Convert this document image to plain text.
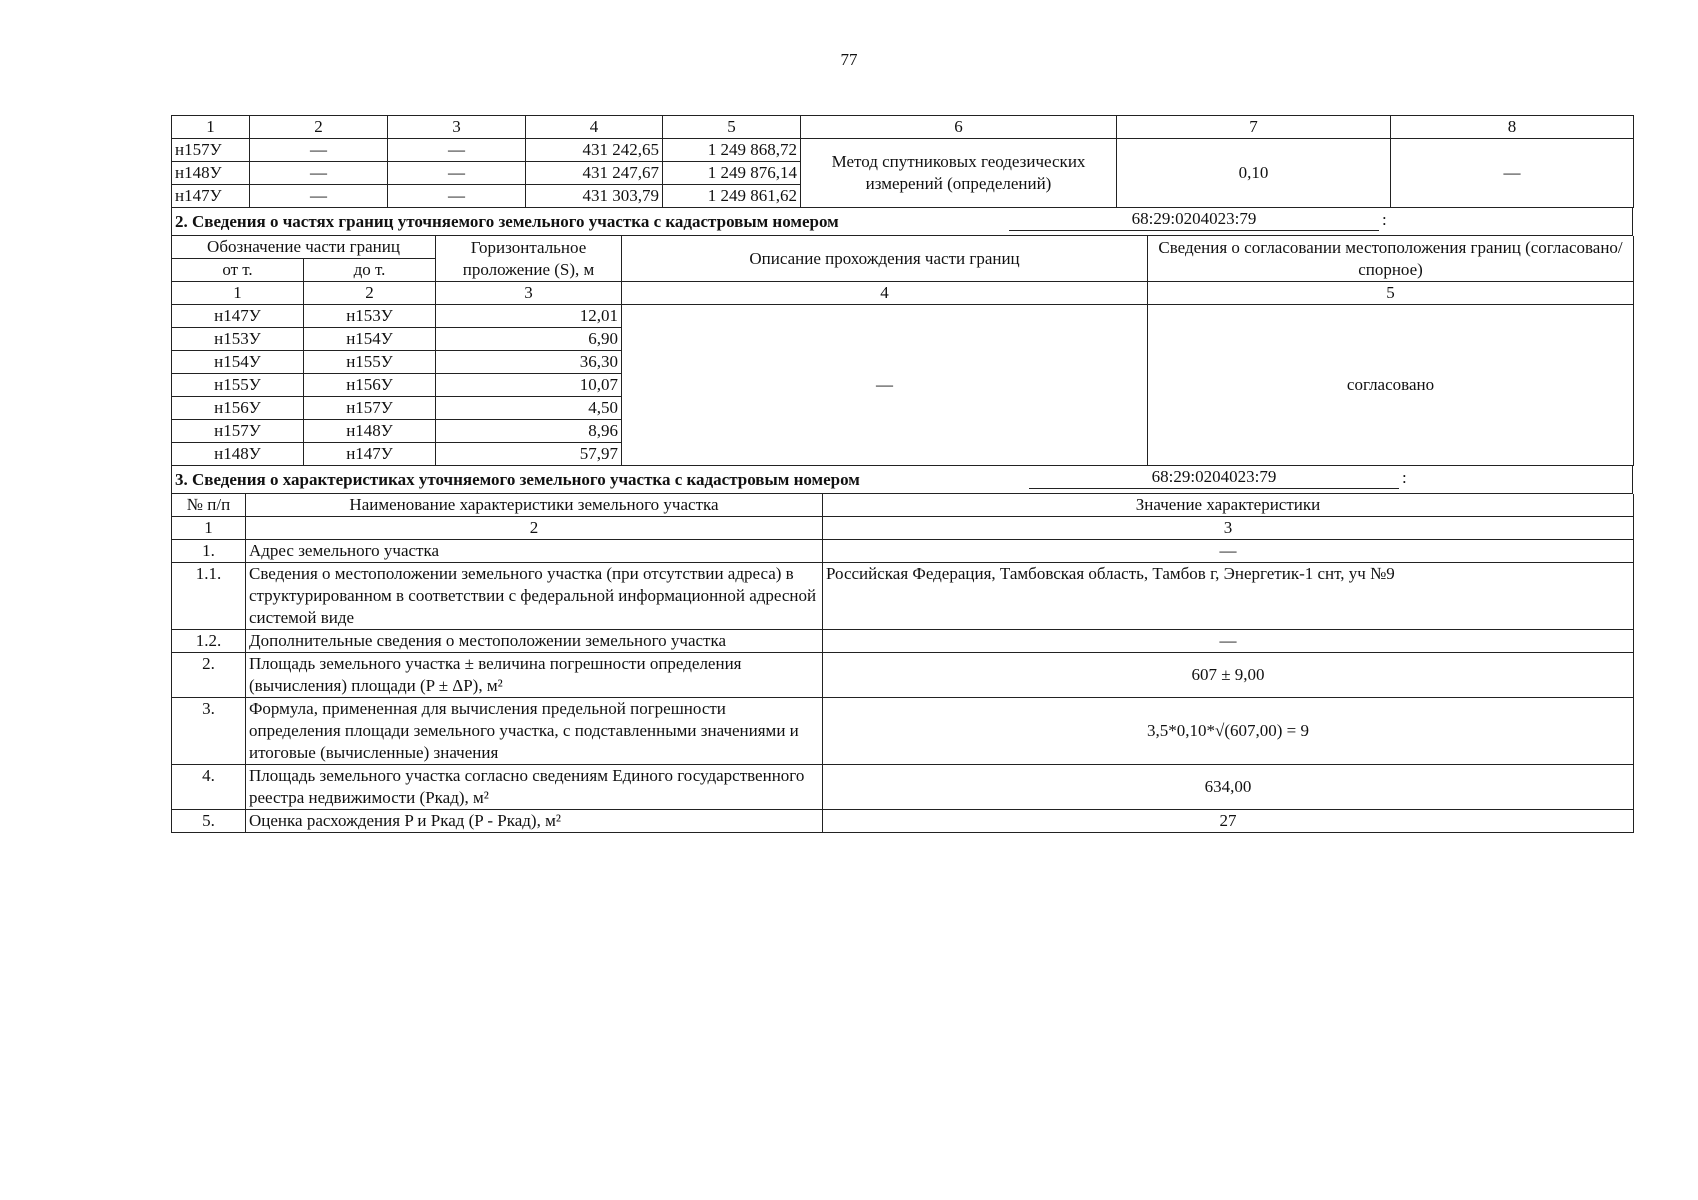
77
1	2	3	4	5	6	7	8
н157У	—	—	431 242,65	1 249 868,72	Метод спутниковых геодезических измерений (определений)	0,10	—
н148У	—	—	431 247,67	1 249 876,14			
н147У	—	—	431 303,79	1 249 861,62			
2. Сведения о частях границ уточняемого земельного участка с кадастровым номером	68:29:0204023:79	:
Обозначение части границ		Горизонтальное проложение (S), м	Описание прохождения части границ	Сведения о согласовании местоположения границ (согласовано/спорное)
от т.	до т.			
1	2	3	4	5
н147У	н153У	12,01	—	согласовано
н153У	н154У	6,90		
н154У	н155У	36,30		
н155У	н156У	10,07		
н156У	н157У	4,50		
н157У	н148У	8,96		
н148У	н147У	57,97		
3. Сведения о характеристиках уточняемого земельного участка с кадастровым номером	68:29:0204023:79	:
№ п/п	Наименование характеристики земельного участка	Значение характеристики
1	2	3
1.	Адрес земельного участка	—
1.1.	Сведения о местоположении земельного участка (при отсутствии адреса) в структурированном в соответствии с федеральной информационной адресной системой виде	Российская Федерация, Тамбовская область, Тамбов г, Энергетик-1 снт, уч №9
1.2.	Дополнительные сведения о местоположении земельного участка	—
2.	Площадь земельного участка ± величина погрешности определения (вычисления) площади (P ± ΔP), м²	607 ± 9,00
3.	Формула, примененная для вычисления предельной погрешности определения площади земельного участка, с подставленными значениями и итоговые (вычисленные) значения	3,5*0,10*√(607,00) = 9
4.	Площадь земельного участка согласно сведениям Единого государственного реестра недвижимости (Ркад), м²	634,00
5.	Оценка расхождения P и Ркад (P - Ркад), м²	27
